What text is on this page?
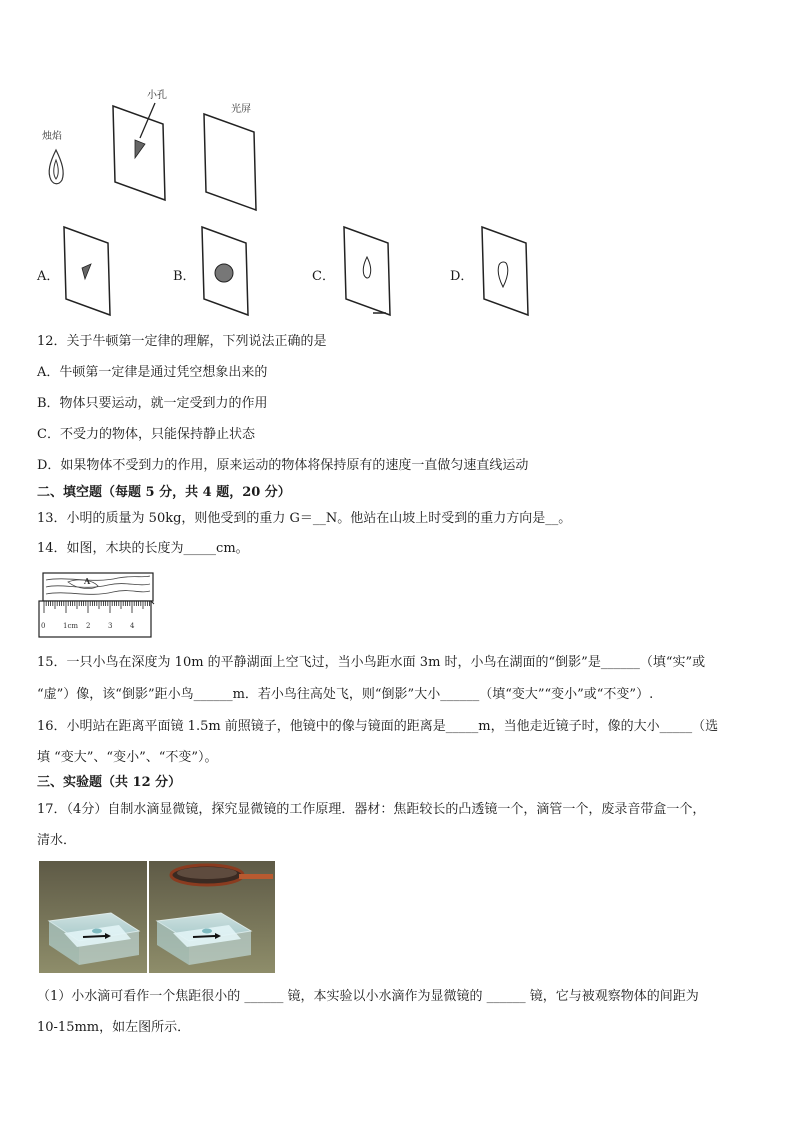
烛焰
小孔
光屏
A．	B．	C．	D．
12．关于牛顿第一定律的理解，下列说法正确的是
A．牛顿第一定律是通过凭空想象出来的
B．物体只要运动，就一定受到力的作用
C．不受力的物体，只能保持静止状态
D．如果物体不受到力的作用，原来运动的物体将保持原有的速度一直做匀速直线运动
二、填空题（每题 5 分，共 4 题，20 分）
13．小明的质量为 50kg，则他受到的重力 G＝__N。他站在山坡上时受到的重力方向是__。
14．如图，木块的长度为_____cm。
A
0	1cm 2	3	4
15．一只小鸟在深度为 10m 的平静湖面上空飞过，当小鸟距水面 3m 时，小鸟在湖面的“倒影”是______（填“实”或
“虚”）像，该“倒影”距小鸟______m．若小鸟往高处飞，则“倒影”大小______（填“变大”“变小”或“不变”）.
16．小明站在距离平面镜 1.5m 前照镜子，他镜中的像与镜面的距离是_____m，当他走近镜子时，像的大小_____（选
填 “变大”、“变小”、“不变”）。
三、实验题（共 12 分）
17．（4分）自制水滴显微镜，探究显微镜的工作原理．器材：焦距较长的凸透镜一个，滴管一个，废录音带盒一个，
清水．
（1）小水滴可看作一个焦距很小的 ______ 镜，本实验以小水滴作为显微镜的 ______ 镜，它与被观察物体的间距为
10-15mm，如左图所示．
